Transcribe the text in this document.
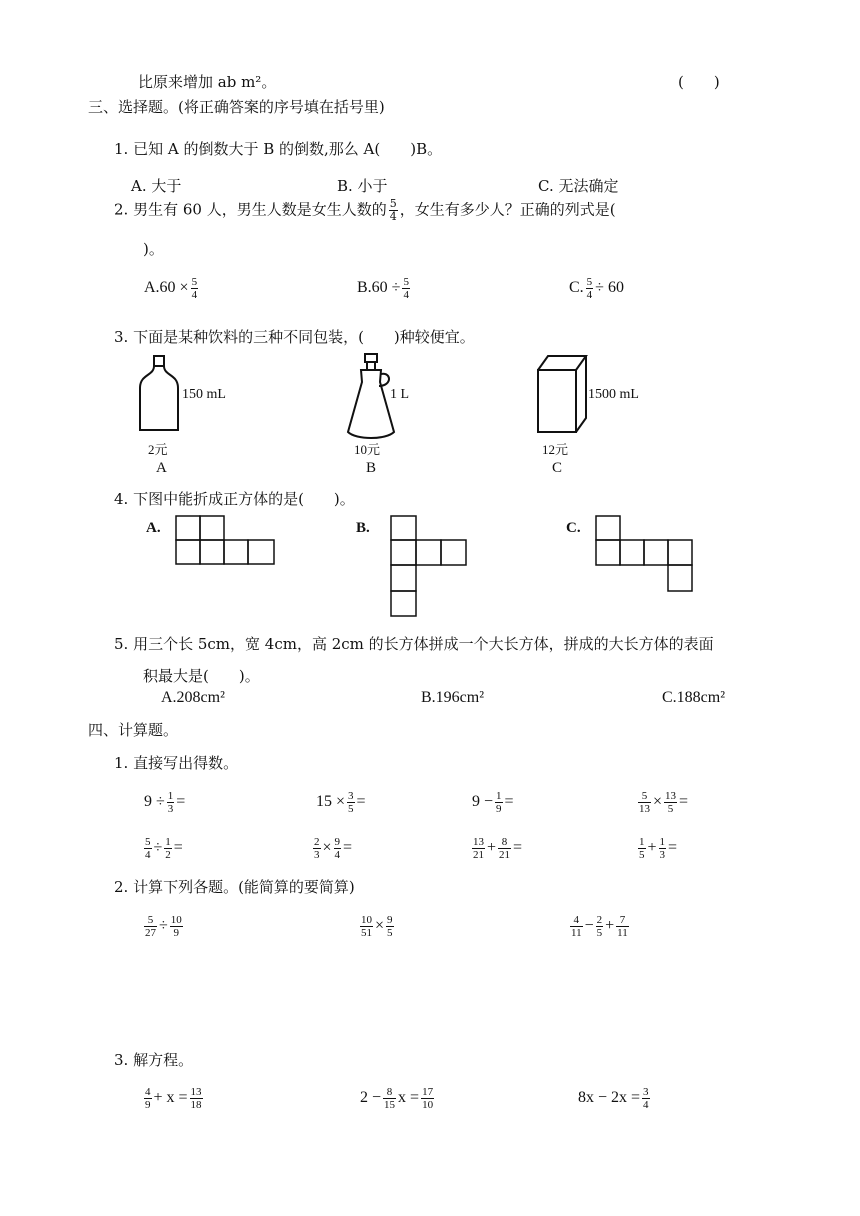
比原来增加 ab m²。	(　　)
三、选择题。(将正确答案的序号填在括号里)
1. 已知 A 的倒数大于 B 的倒数,那么 A(　　)B。
A. 大于	B. 小于	C. 无法确定
2. 男生有 60 人，男生人数是女生人数的 $\frac{5}{4}$ ，女生有多少人？正确的列式是(
)。
$A.60 \times \frac{5}{4}$	$B.60 \div \frac{5}{4}$	C. $\frac{5}{4} \div 60$
3. 下面是某种饮料的三种不同包装，(　　)种较便宜。
150 mL
2元
A
1 L
10元
B
1500 mL
12元
C
4. 下图中能折成正方体的是(　　)。
A.	B.	C.
5. 用三个长 5cm，宽 4cm，高 2cm 的长方体拼成一个大长方体，拼成的大长方体的表面
积最大是(　　)。
A.208cm²	B.196cm²	C.188cm²
四、计算题。
1. 直接写出得数。
$9 \div \frac{1}{3}$ =	$15 \times \frac{3}{5}$ =	$9 - \frac{1}{9}$ =	$\frac{5}{13} \times \frac{13}{5}$ =
$\frac{5}{4} \div \frac{1}{2}$ =	$\frac{2}{3} \times \frac{9}{4}$ =	$\frac{13}{21} + \frac{8}{21}$ =	$\frac{1}{5} + \frac{1}{3}$ =
2. 计算下列各题。(能简算的要简算)
$\frac{5}{27} \div \frac{10}{9}$	$\frac{10}{51} \times \frac{9}{5}$	$\frac{4}{11} - \frac{2}{5} + \frac{7}{11}$
3. 解方程。
$\frac{4}{9} + x = \frac{13}{18}$	$2 - \frac{8}{15}$ $x = \frac{17}{10}$	$8x - 2x = \frac{3}{4}$
